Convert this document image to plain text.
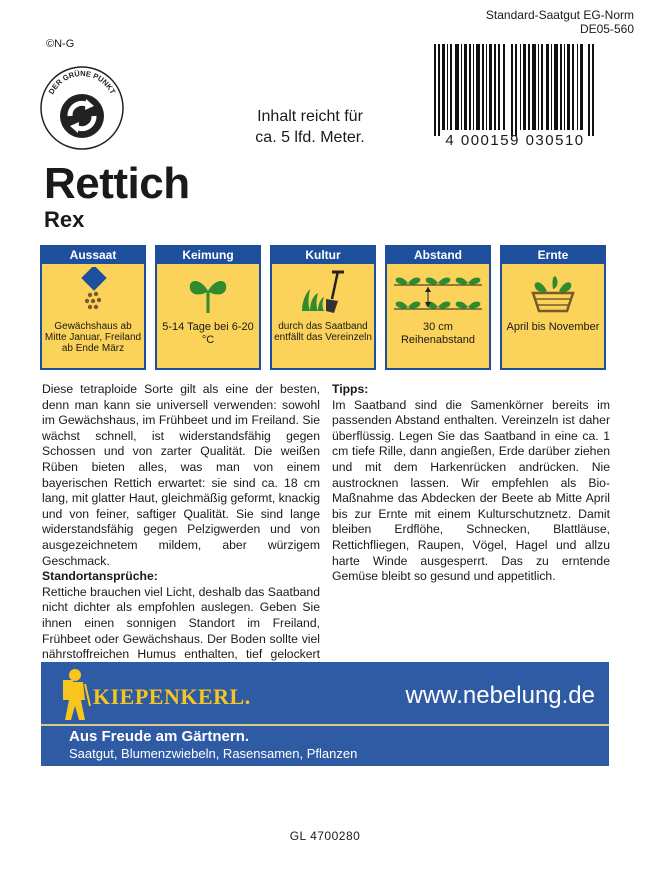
Standard-Saatgut EG-Norm
DE05-560
©N-G
DER GRÜNE PUNKT
Inhalt reicht für
ca. 5 lfd. Meter.	4 000159 030510
Rettich
Rex
Aussaat
Gewächshaus ab Mitte Januar, Freiland ab Ende März
Keimung
5-14 Tage bei 6-20 °C
Kultur
durch das Saatband entfällt das Vereinzeln
Abstand
30 cm Reihenabstand
Ernte
April bis November

Diese tetraploide Sorte gilt als eine der besten, denn man kann sie universell verwenden: sowohl im Gewächshaus, im Frühbeet und im Freiland. Sie wächst schnell, ist widerstandsfähig gegen Schossen und von zarter Qualität. Die weißen Rüben bieten alles, was man von einem bayerischen Rettich erwartet: sie sind ca. 18 cm lang, mit glatter Haut, gleichmäßig geformt, knackig und von feiner, saftiger Qualität. Sie sind lange widerstandsfähig gegen Pelzigwerden und von ausgezeichnetem mildem, aber würzigem Geschmack.

Standortansprüche:

Rettiche brauchen viel Licht, deshalb das Saatband nicht dichter als empfohlen auslegen. Geben Sie ihnen einen sonnigen Standort im Freiland, Frühbeet oder Gewächshaus. Der Boden sollte viel nährstoffreichen Humus enthalten, tief gelockert

Tipps:

Im Saatband sind die Samenkörner bereits im passenden Abstand enthalten. Vereinzeln ist daher überflüssig. Legen Sie das Saatband in eine ca. 1 cm tiefe Rille, dann angießen, Erde darüber ziehen und mit dem Harkenrücken andrücken. Nie austrocknen lassen. Wir empfehlen als Bio-Maßnahme das Abdecken der Beete ab Mitte April bis zur Ernte mit einem Kulturschutznetz. Damit bleiben Erdflöhe, Schnecken, Blattläuse, Rettichfliegen, Raupen, Vögel, Hagel und allzu harte Winde ausgesperrt. Das zu erntende Gemüse bleibt so gesund und appetitlich.

KIEPENKERL.	www.nebelung.de
Aus Freude am Gärtnern.
Saatgut, Blumenzwiebeln, Rasensamen, Pflanzen
GL 4700280
